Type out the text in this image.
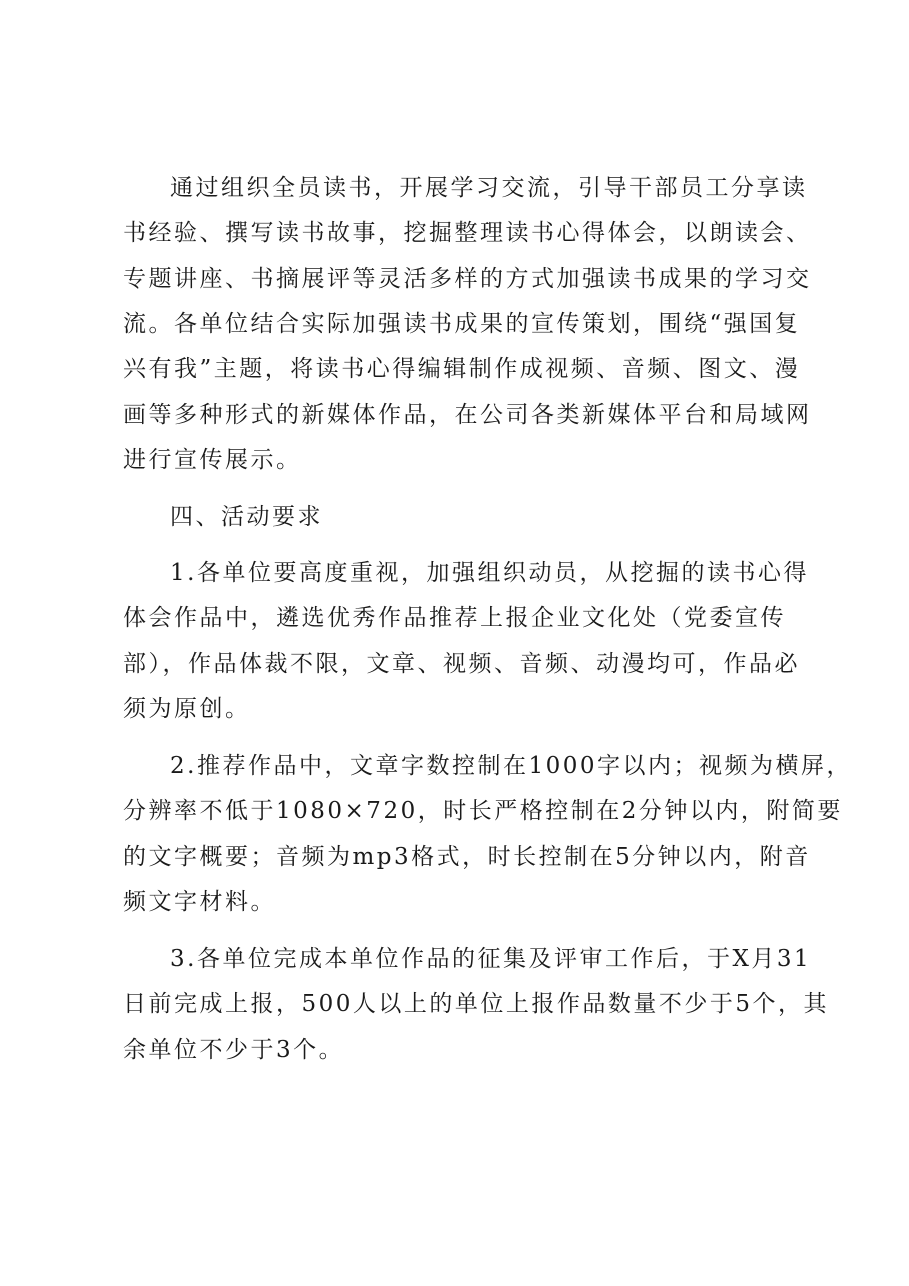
通过组织全员读书，开展学习交流，引导干部员工分享读
书经验、撰写读书故事，挖掘整理读书心得体会，以朗读会、
专题讲座、书摘展评等灵活多样的方式加强读书成果的学习交
流。各单位结合实际加强读书成果的宣传策划，围绕“强国复
兴有我”主题，将读书心得编辑制作成视频、音频、图文、漫
画等多种形式的新媒体作品，在公司各类新媒体平台和局域网
进行宣传展示。
四、活动要求
1.各单位要高度重视，加强组织动员，从挖掘的读书心得
体会作品中，遴选优秀作品推荐上报企业文化处（党委宣传
部），作品体裁不限，文章、视频、音频、动漫均可，作品必
须为原创。
2.推荐作品中，文章字数控制在1000字以内；视频为横屏，
分辨率不低于1080×720，时长严格控制在2分钟以内，附简要
的文字概要；音频为mp3格式，时长控制在5分钟以内，附音
频文字材料。
3.各单位完成本单位作品的征集及评审工作后，于X月31
日前完成上报，500人以上的单位上报作品数量不少于5个，其
余单位不少于3个。
